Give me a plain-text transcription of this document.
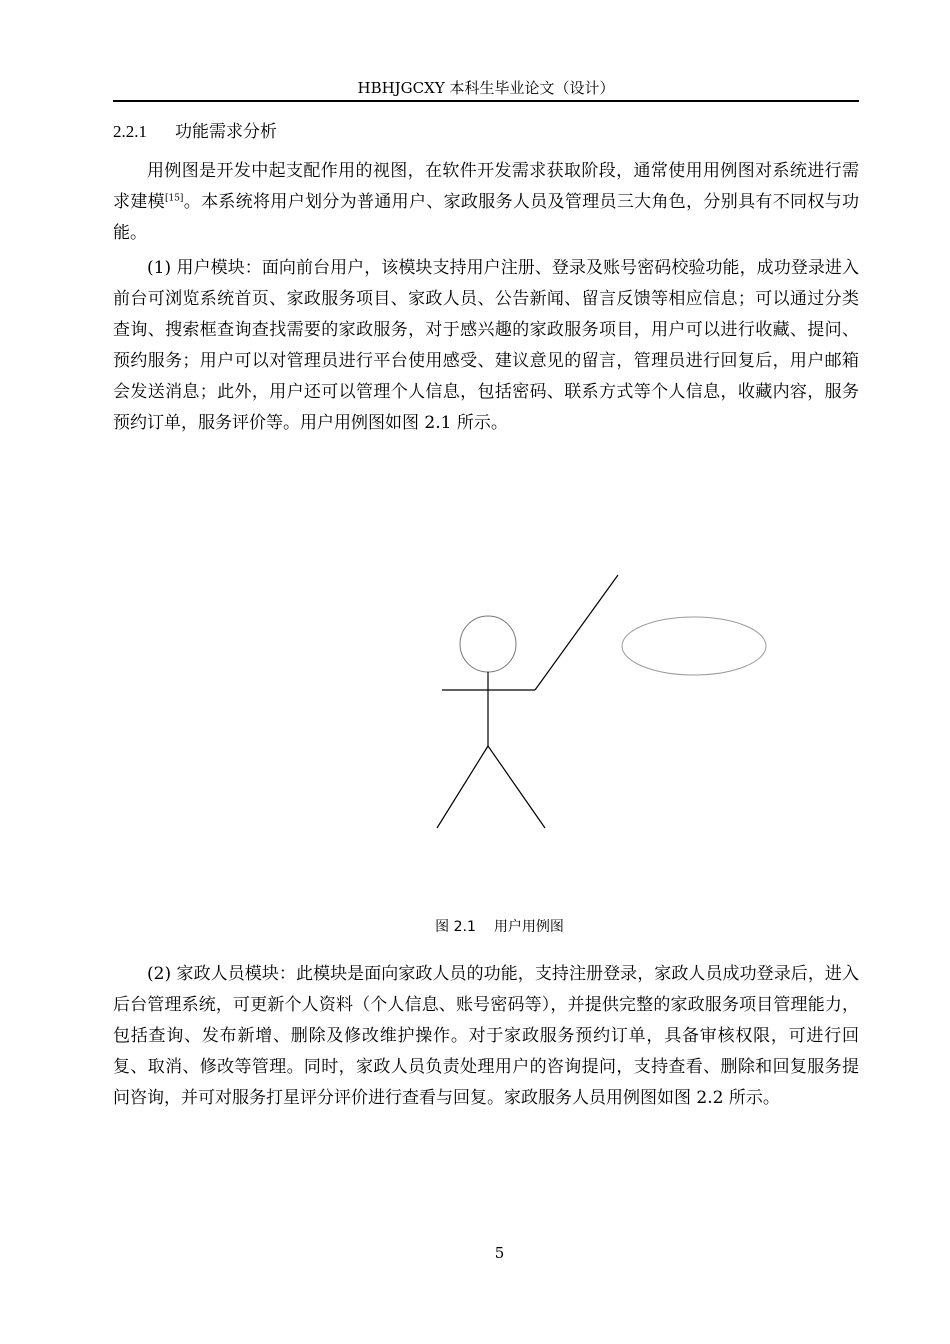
HBHJGCXY 本科生毕业论文（设计）
2.2.1 功能需求分析

用例图是开发中起支配作用的视图，在软件开发需求获取阶段，通常使用用例图对系统进行需求建模[15]。本系统将用户划分为普通用户、家政服务人员及管理员三大角色，分别具有不同权与功能。

(1) 用户模块：面向前台用户，该模块支持用户注册、登录及账号密码校验功能，成功登录进入前台可浏览系统首页、家政服务项目、家政人员、公告新闻、留言反馈等相应信息；可以通过分类查询、搜索框查询查找需要的家政服务，对于感兴趣的家政服务项目，用户可以进行收藏、提问、预约服务；用户可以对管理员进行平台使用感受、建议意见的留言，管理员进行回复后，用户邮箱会发送消息；此外，用户还可以管理个人信息，包括密码、联系方式等个人信息，收藏内容，服务预约订单，服务评价等。用户用例图如图 2.1 所示。

图 2.1 用户用例图

(2) 家政人员模块：此模块是面向家政人员的功能，支持注册登录，家政人员成功登录后，进入后台管理系统，可更新个人资料（个人信息、账号密码等），并提供完整的家政服务项目管理能力，包括查询、发布新增、删除及修改维护操作。对于家政服务预约订单，具备审核权限，可进行回复、取消、修改等管理。同时，家政人员负责处理用户的咨询提问，支持查看、删除和回复服务提问咨询，并可对服务打星评分评价进行查看与回复。家政服务人员用例图如图 2.2 所示。

5
